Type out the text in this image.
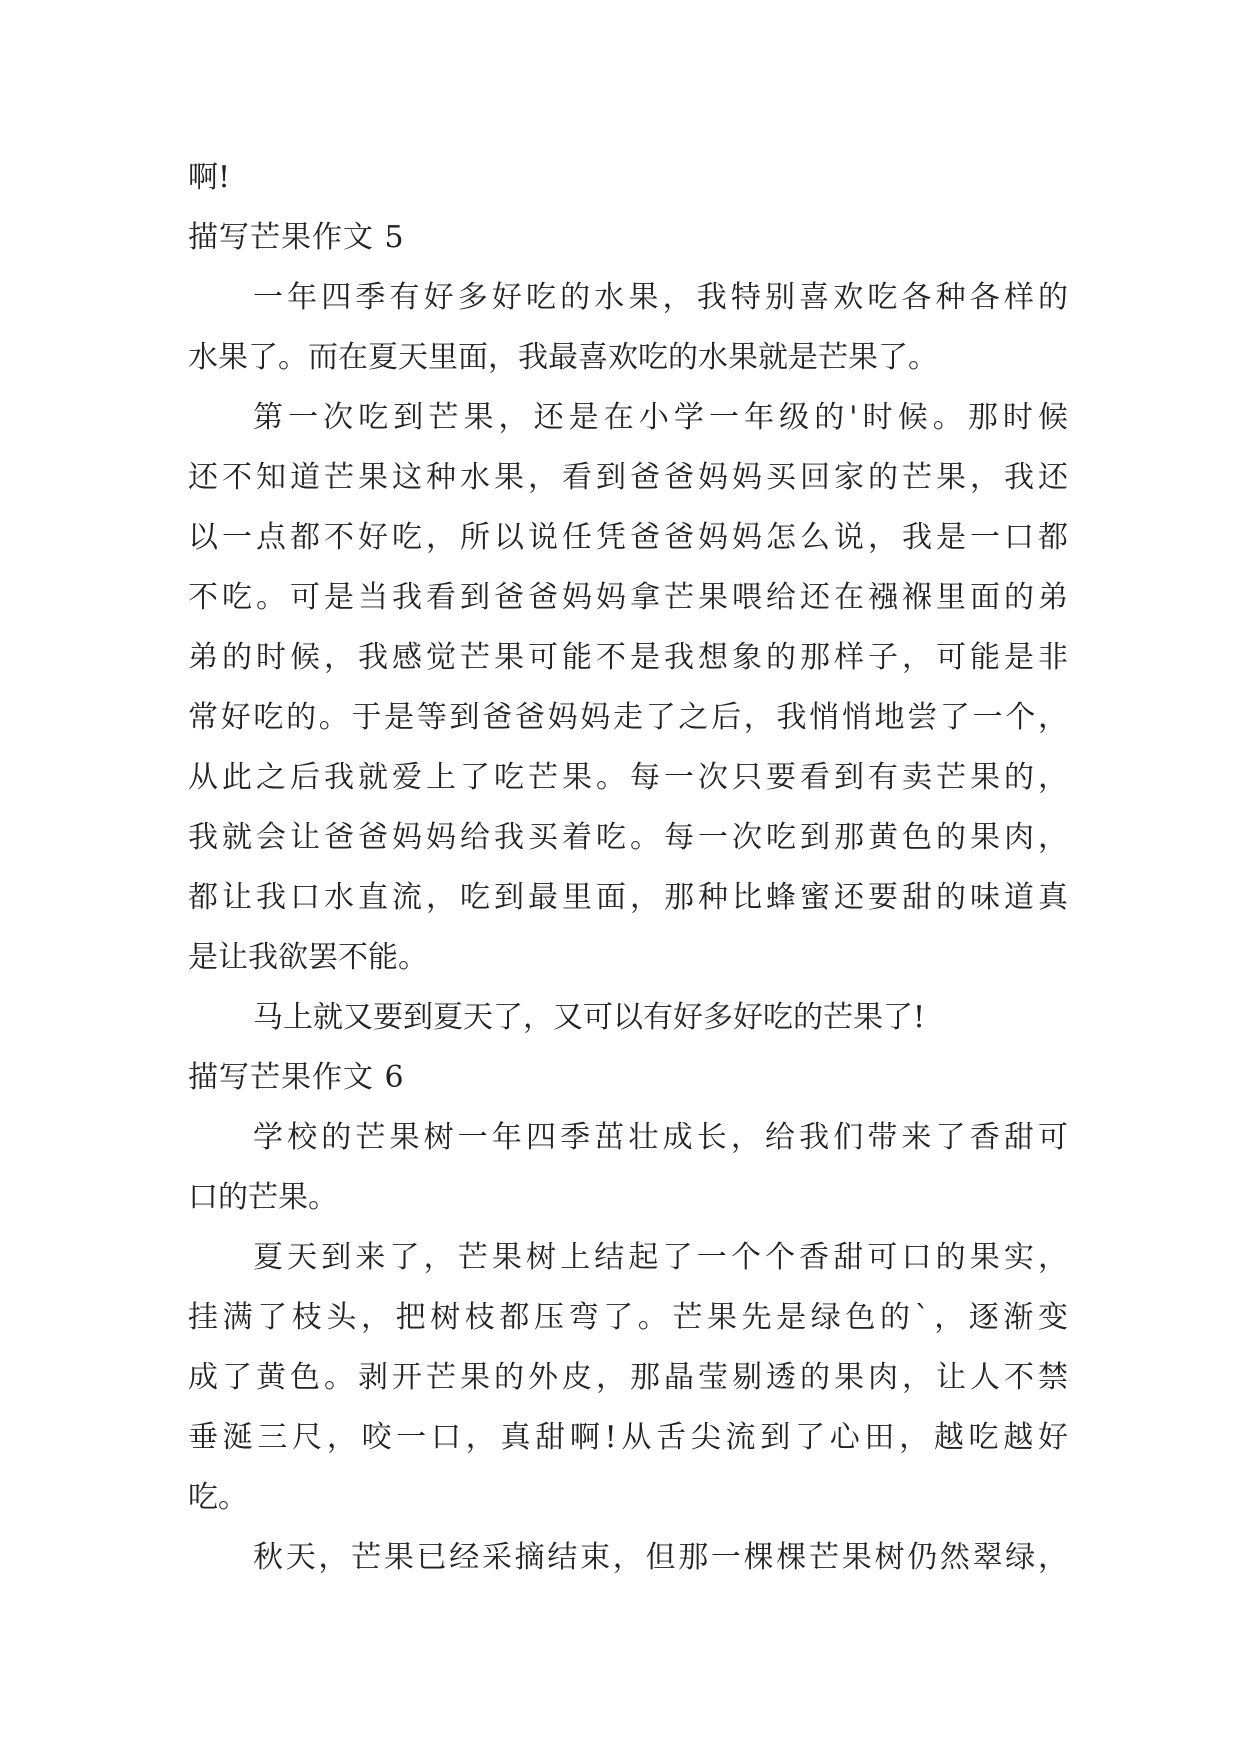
啊!
描写芒果作文 5
一年四季有好多好吃的水果，我特别喜欢吃各种各样的
水果了。而在夏天里面，我最喜欢吃的水果就是芒果了。
第一次吃到芒果，还是在小学一年级的'时候。那时候
还不知道芒果这种水果，看到爸爸妈妈买回家的芒果，我还
以一点都不好吃，所以说任凭爸爸妈妈怎么说，我是一口都
不吃。可是当我看到爸爸妈妈拿芒果喂给还在襁褓里面的弟
弟的时候，我感觉芒果可能不是我想象的那样子，可能是非
常好吃的。于是等到爸爸妈妈走了之后，我悄悄地尝了一个，
从此之后我就爱上了吃芒果。每一次只要看到有卖芒果的，
我就会让爸爸妈妈给我买着吃。每一次吃到那黄色的果肉，
都让我口水直流，吃到最里面，那种比蜂蜜还要甜的味道真
是让我欲罢不能。
马上就又要到夏天了，又可以有好多好吃的芒果了!
描写芒果作文 6
学校的芒果树一年四季茁壮成长，给我们带来了香甜可
口的芒果。
夏天到来了，芒果树上结起了一个个香甜可口的果实，
挂满了枝头，把树枝都压弯了。芒果先是绿色的`，逐渐变
成了黄色。剥开芒果的外皮，那晶莹剔透的果肉，让人不禁
垂涎三尺，咬一口，真甜啊!从舌尖流到了心田，越吃越好
吃。
秋天，芒果已经采摘结束，但那一棵棵芒果树仍然翠绿，
